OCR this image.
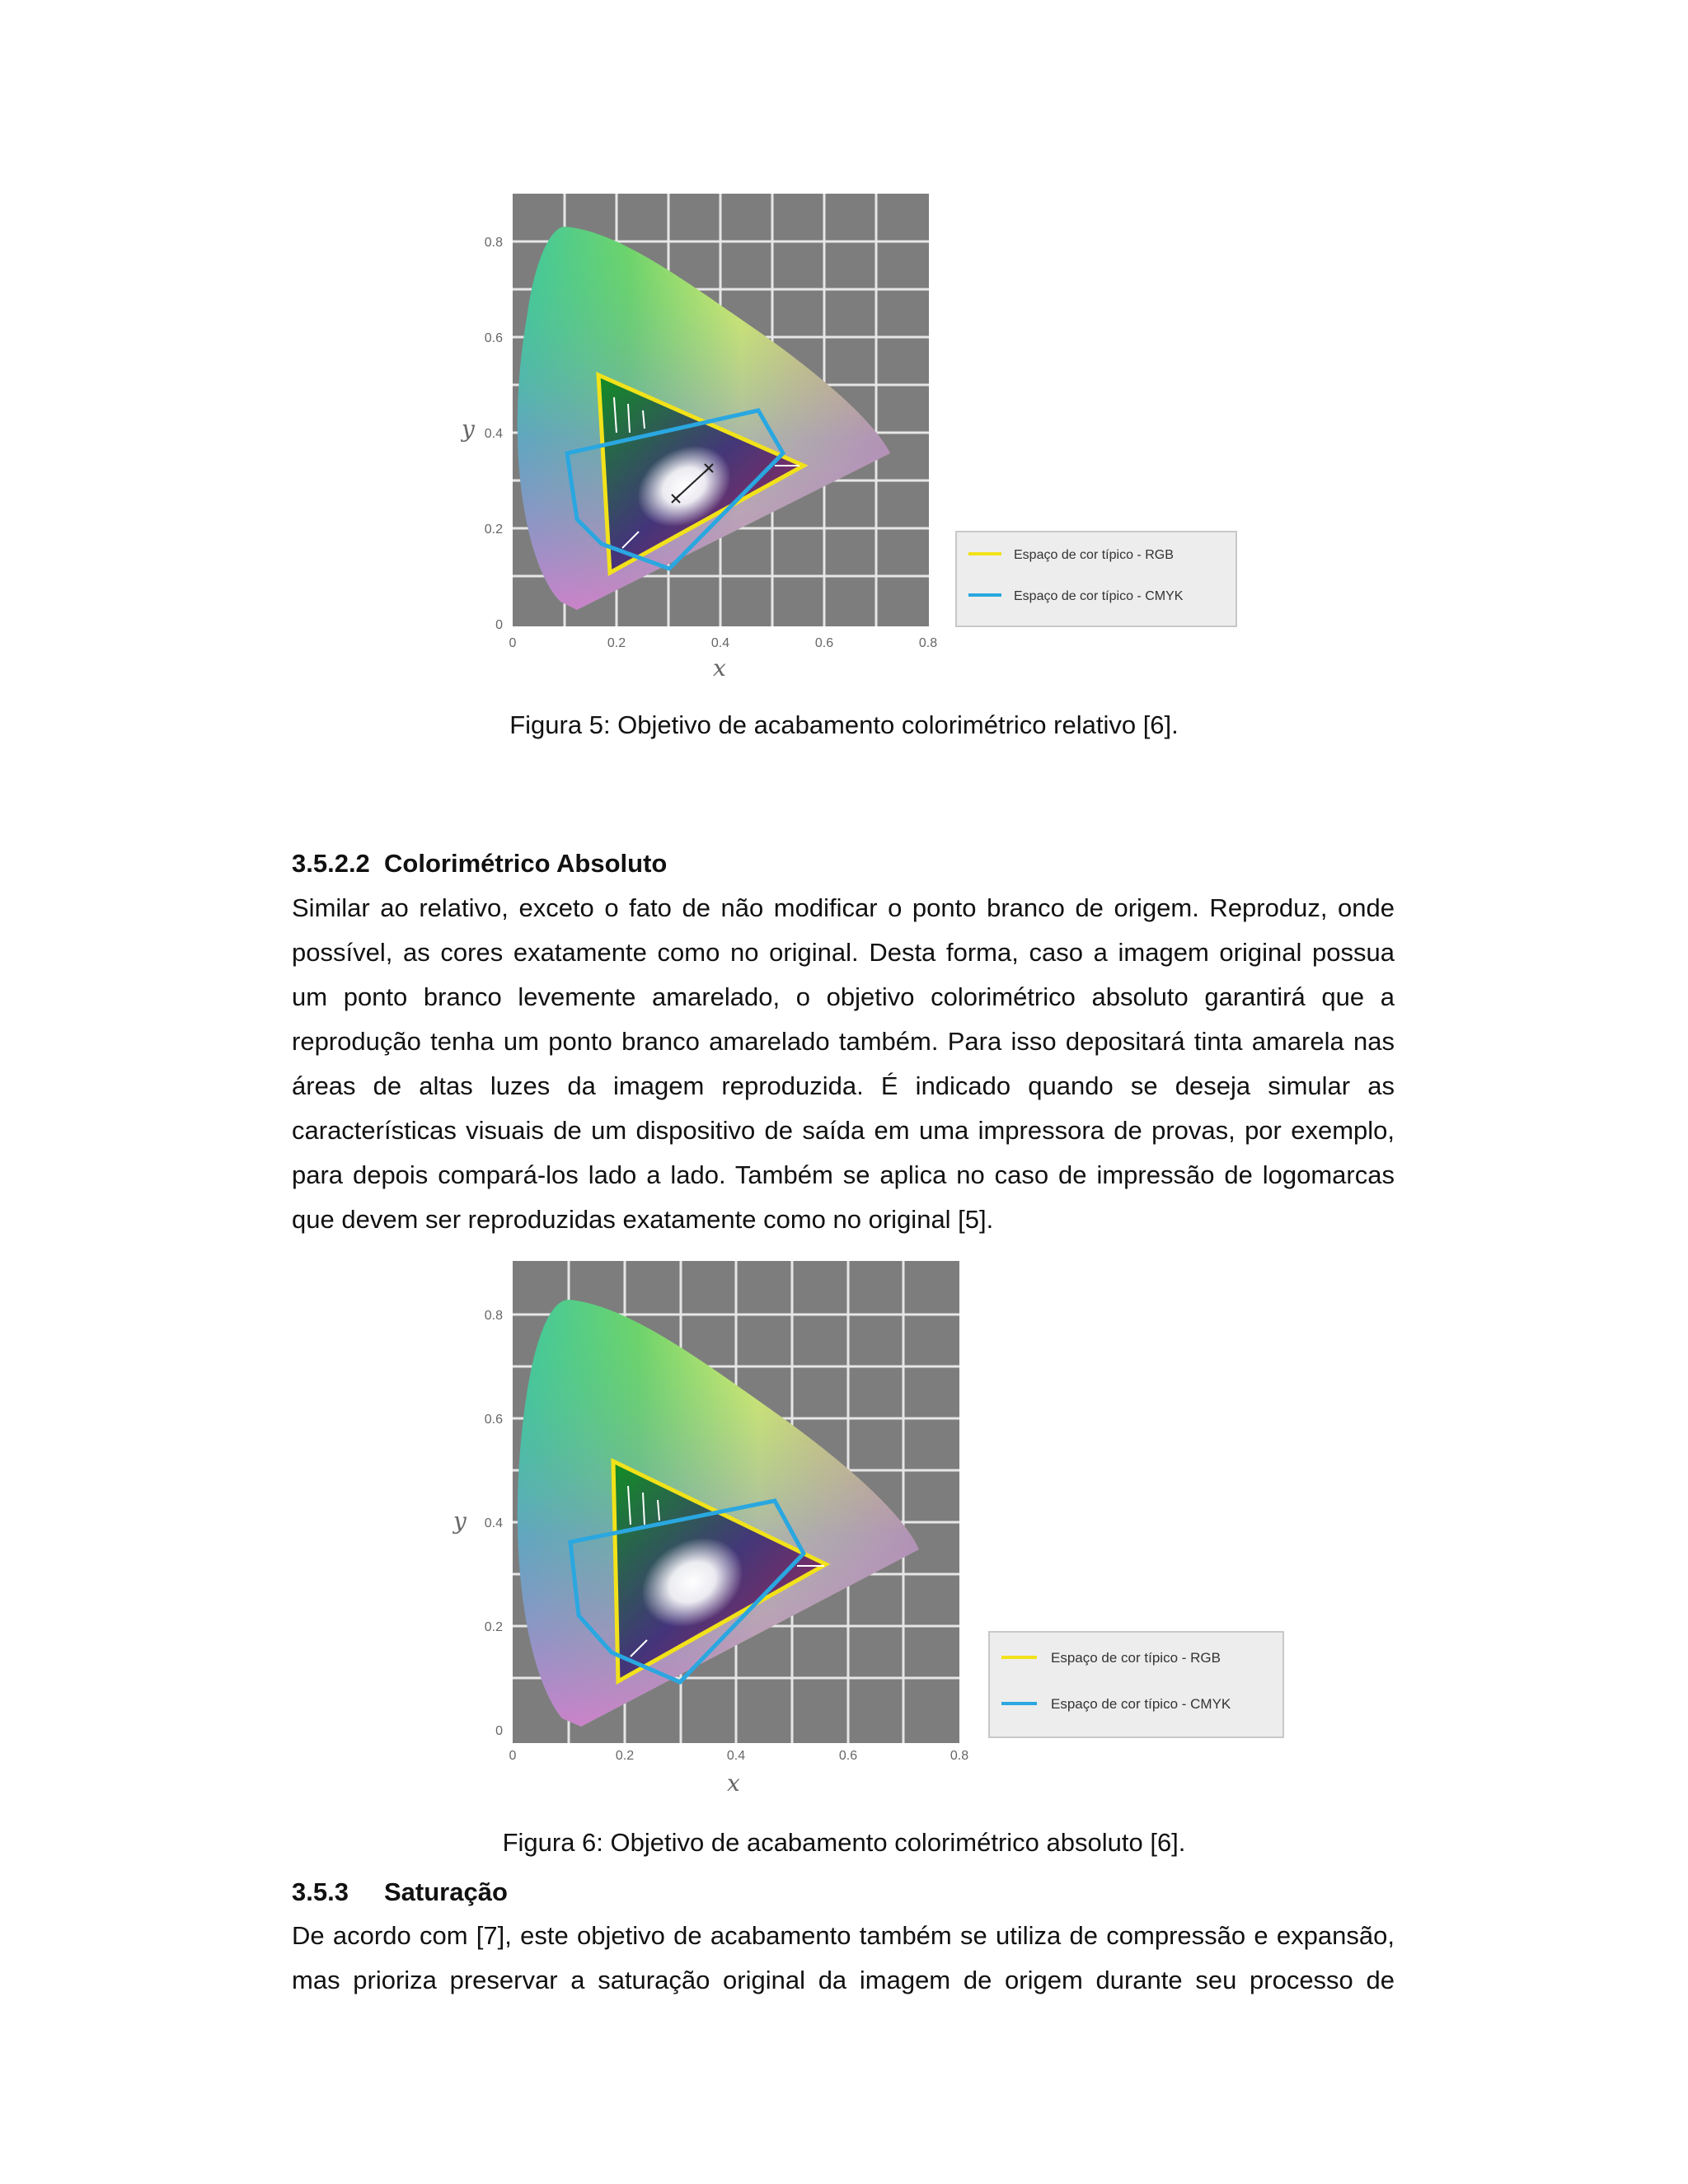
0.8
0.6
0.4
0.2
0
0	0.2	0.4	0.6	0.8
y
x
Espaço de cor típico - RGB
Espaço de cor típico - CMYK
Figura 5: Objetivo de acabamento colorimétrico relativo [6].
3.5.2.2 Colorimétrico Absoluto
Similar ao relativo, exceto o fato de não modificar o ponto branco de origem. Reproduz, onde
possível, as cores exatamente como no original. Desta forma, caso a imagem original possua
um ponto branco levemente amarelado, o objetivo colorimétrico absoluto garantirá que a
reprodução tenha um ponto branco amarelado também. Para isso depositará tinta amarela nas
áreas de altas luzes da imagem reproduzida. É indicado quando se deseja simular as
características visuais de um dispositivo de saída em uma impressora de provas, por exemplo,
para depois compará-los lado a lado. Também se aplica no caso de impressão de logomarcas
que devem ser reproduzidas exatamente como no original [5].
0.8
0.6
0.4
0.2
0
0	0.2	0.4	0.6	0.8
y
x
Espaço de cor típico - RGB
Espaço de cor típico - CMYK
Figura 6: Objetivo de acabamento colorimétrico absoluto [6].
3.5.3 Saturação
De acordo com [7], este objetivo de acabamento também se utiliza de compressão e expansão,
mas prioriza preservar a saturação original da imagem de origem durante seu processo de
